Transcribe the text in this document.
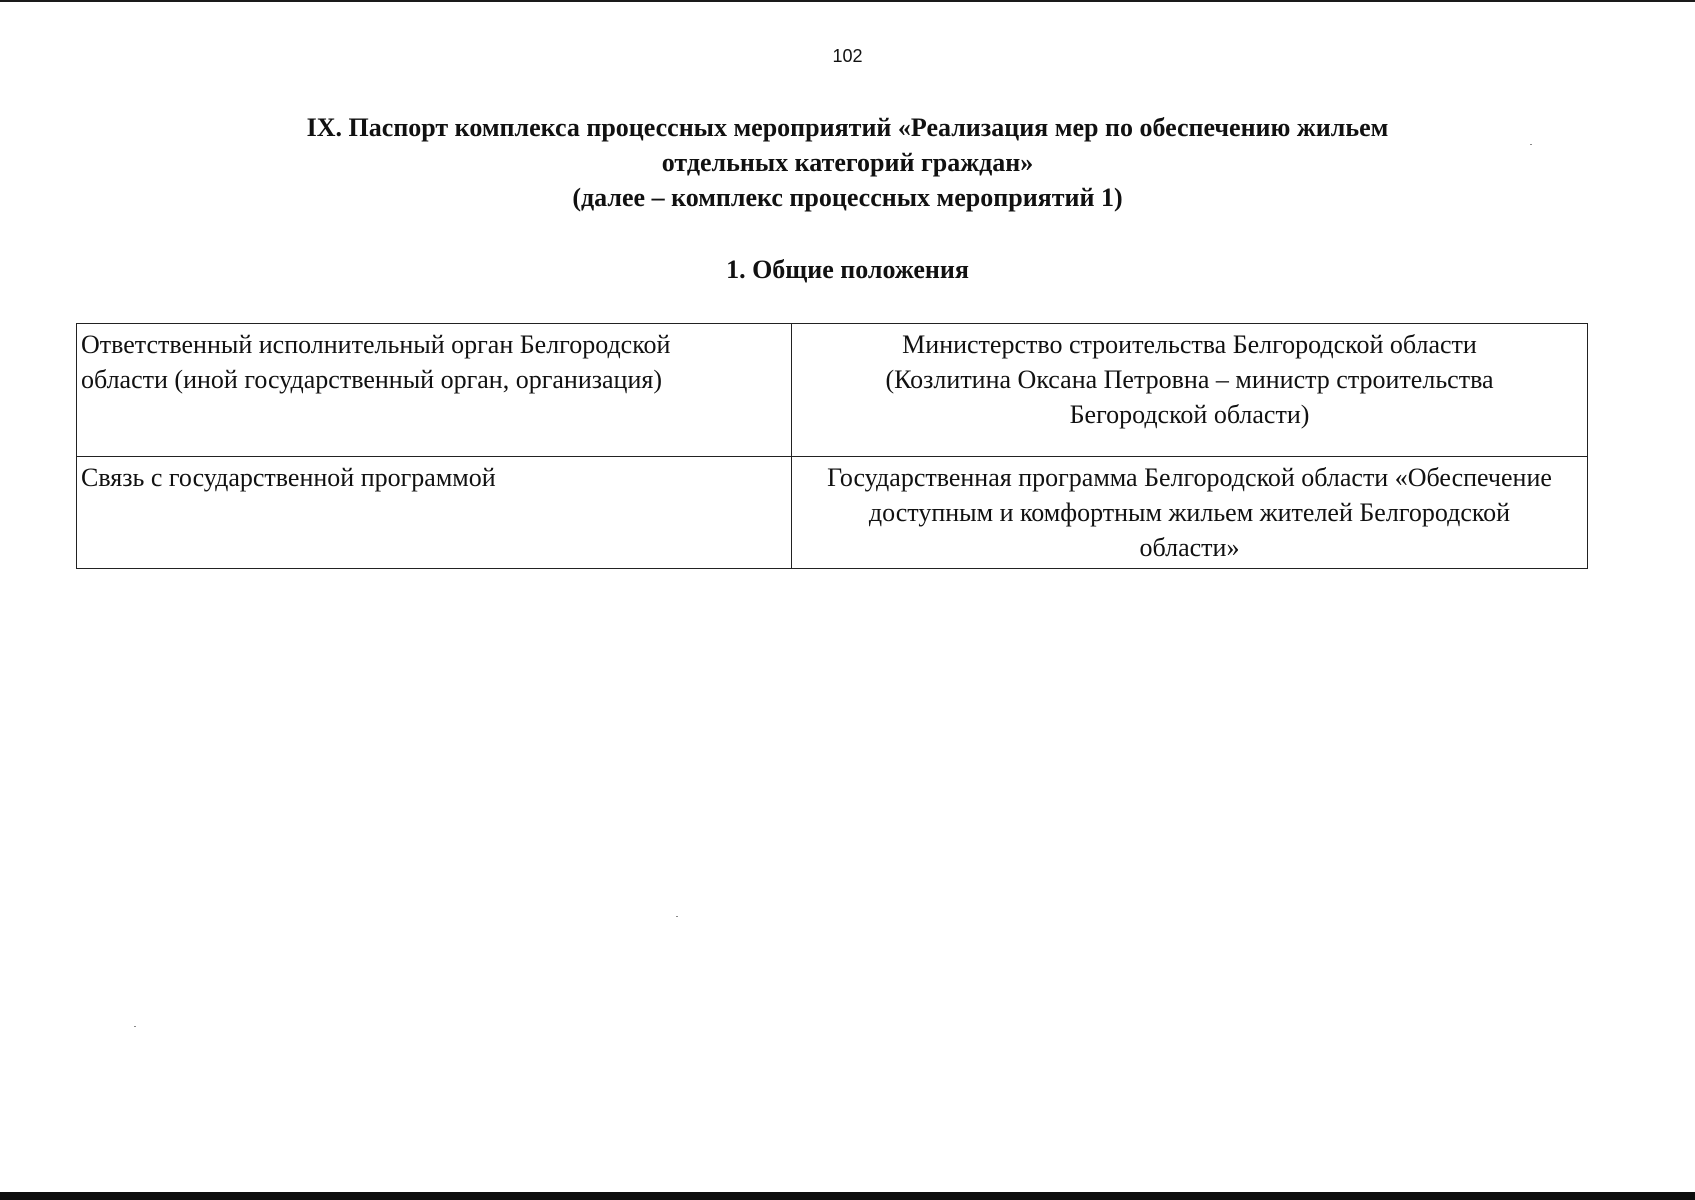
102
IX. Паспорт комплекса процессных мероприятий «Реализация мер по обеспечению жильем
отдельных категорий граждан»
(далее – комплекс процессных мероприятий 1)
1. Общие положения
Ответственный исполнительный орган Белгородской
области (иной государственный орган, организация)	Министерство строительства Белгородской области
(Козлитина Оксана Петровна – министр строительства
Бегородской области)

Связь с государственной программой	Государственная программа Белгородской области «Обеспечение
доступным и комфортным жильем жителей Белгородской
области»
